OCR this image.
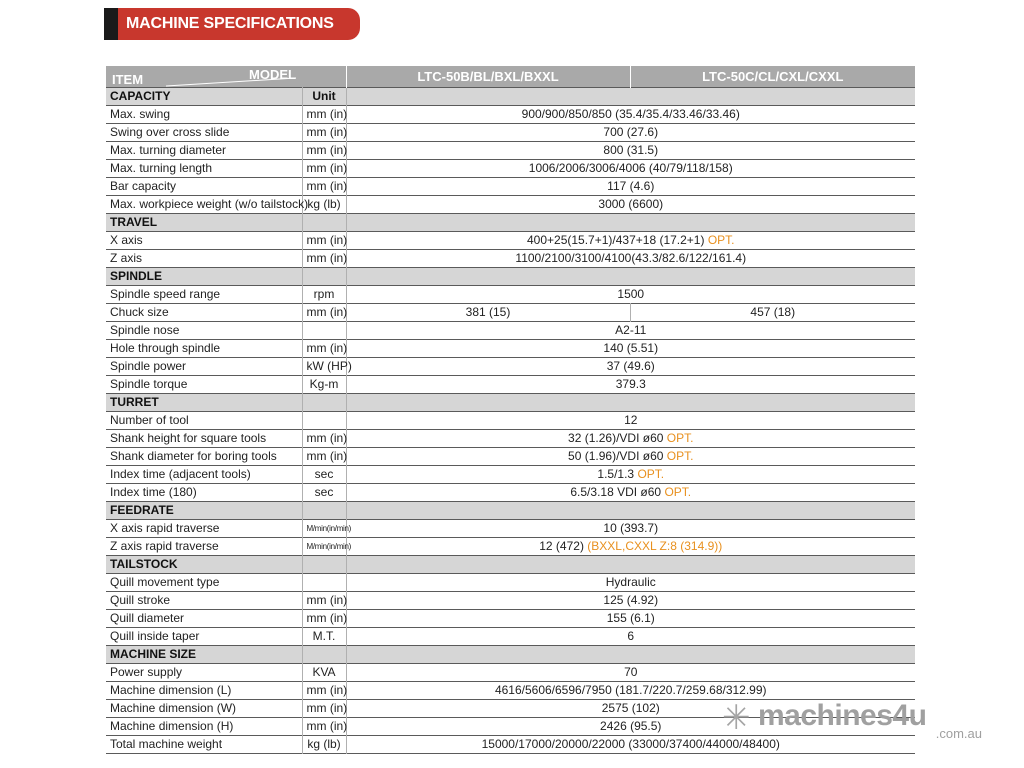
MACHINE SPECIFICATIONS
ITEM MODEL		LTC-50B/BL/BXL/BXXL	LTC-50C/CL/CXL/CXXL
CAPACITY	Unit		
Max. swing	mm (in)	900/900/850/850 (35.4/35.4/33.46/33.46)	
Swing over cross slide	mm (in)	700 (27.6)	
Max. turning diameter	mm (in)	800 (31.5)	
Max. turning length	mm (in)	1006/2006/3006/4006 (40/79/118/158)	
Bar capacity	mm (in)	117 (4.6)	
Max. workpiece weight (w/o tailstock)	kg (lb)	3000 (6600)	
TRAVEL			
X axis	mm (in)	400+25(15.7+1)/437+18 (17.2+1) OPT.	
Z axis	mm (in)	1100/2100/3100/4100(43.3/82.6/122/161.4)	
SPINDLE			
Spindle speed range	rpm	1500	
Chuck size	mm (in)	381 (15)	457 (18)
Spindle nose		A2-11	
Hole through spindle	mm (in)	140 (5.51)	
Spindle power	kW (HP)	37 (49.6)	
Spindle torque	Kg-m	379.3	
TURRET			
Number of tool		12	
Shank height for square tools	mm (in)	32 (1.26)/VDI ø60 OPT.	
Shank diameter for boring tools	mm (in)	50 (1.96)/VDI ø60 OPT.	
Index time (adjacent tools)	sec	1.5/1.3 OPT.	
Index time (180)	sec	6.5/3.18 VDI ø60 OPT.	
FEEDRATE			
X axis rapid traverse	M/min(in/min)	10 (393.7)	
Z axis rapid traverse	M/min(in/min)	12 (472) (BXXL,CXXL Z:8 (314.9))	
TAILSTOCK			
Quill movement type		Hydraulic	
Quill stroke	mm (in)	125 (4.92)	
Quill diameter	mm (in)	155 (6.1)	
Quill inside taper	M.T.	6	
MACHINE SIZE			
Power supply	KVA	70	
Machine dimension (L)	mm (in)	4616/5606/6596/7950 (181.7/220.7/259.68/312.99)	
Machine dimension (W)	mm (in)	2575 (102)	
Machine dimension (H)	mm (in)	2426 (95.5)	
Total machine weight	kg (lb)	15000/17000/20000/22000 (33000/37400/44000/48400)	
✳ machines4u
.com.au
